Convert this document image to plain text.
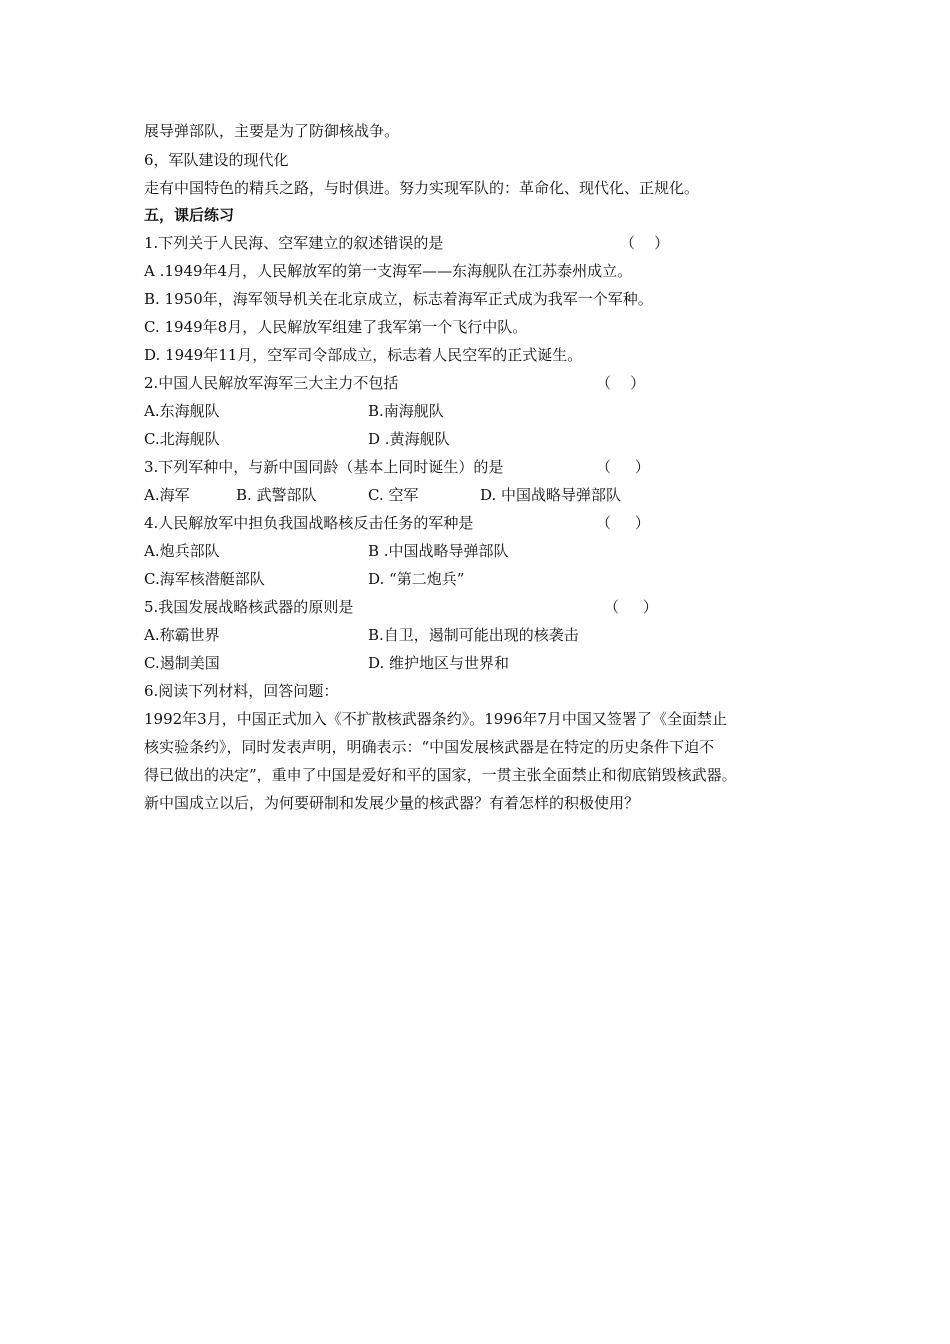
展导弹部队，主要是为了防御核战争。
6，军队建设的现代化
走有中国特色的精兵之路，与时俱进。努力实现军队的：革命化、现代化、正规化。
五，课后练习
1.下列关于人民海、空军建立的叙述错误的是	（    ）
A .1949年4月，人民解放军的第一支海军——东海舰队在江苏泰州成立。
B. 1950年，海军领导机关在北京成立，标志着海军正式成为我军一个军种。
C. 1949年8月，人民解放军组建了我军第一个飞行中队。
D. 1949年11月，空军司令部成立，标志着人民空军的正式诞生。
2.中国人民解放军海军三大主力不包括	（    ）
A.东海舰队	B.南海舰队
C.北海舰队	D .黄海舰队
3.下列军种中，与新中国同龄（基本上同时诞生）的是	（     ）
A.海军	B. 武警部队	C. 空军	D. 中国战略导弹部队
4.人民解放军中担负我国战略核反击任务的军种是	（     ）
A.炮兵部队	B .中国战略导弹部队
C.海军核潜艇部队	D. “第二炮兵”
5.我国发展战略核武器的原则是	（     ）
A.称霸世界	B.自卫，遏制可能出现的核袭击
C.遏制美国	D. 维护地区与世界和
6.阅读下列材料，回答问题：
1992年3月，中国正式加入《不扩散核武器条约》。1996年7月中国又签署了《全面禁止
核实验条约》，同时发表声明，明确表示：“中国发展核武器是在特定的历史条件下迫不
得已做出的决定”，重申了中国是爱好和平的国家，一贯主张全面禁止和彻底销毁核武器。
新中国成立以后，为何要研制和发展少量的核武器？有着怎样的积极使用？
